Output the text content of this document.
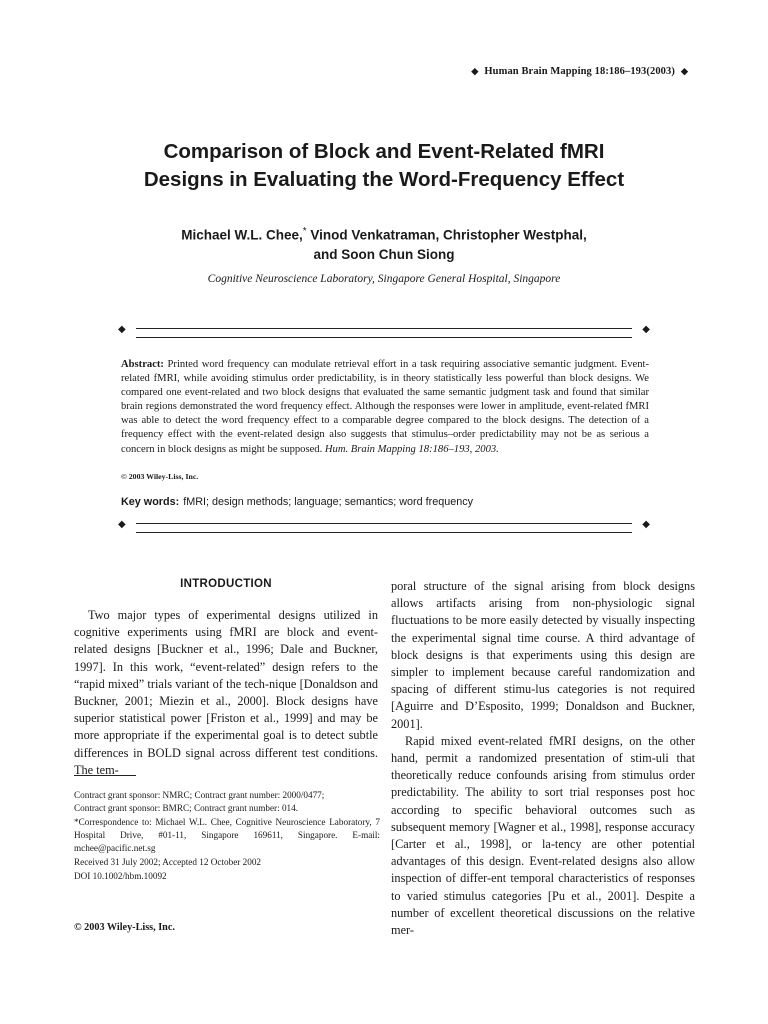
◆ Human Brain Mapping 18:186–193(2003) ◆
Comparison of Block and Event-Related fMRI
Designs in Evaluating the Word-Frequency Effect
Michael W.L. Chee,* Vinod Venkatraman, Christopher Westphal,
and Soon Chun Siong
Cognitive Neuroscience Laboratory, Singapore General Hospital, Singapore
◆	◆

Abstract: Printed word frequency can modulate retrieval effort in a task requiring associative semantic judgment. Event-related fMRI, while avoiding stimulus order predictability, is in theory statistically less powerful than block designs. We compared one event-related and two block designs that evaluated the same semantic judgment task and found that similar brain regions demonstrated the word frequency effect. Although the responses were lower in amplitude, event-related fMRI was able to detect the word frequency effect to a comparable degree compared to the block designs. The detection of a frequency effect with the event-related design also suggests that stimulus–order predictability may not be as serious a concern in block designs as might be supposed. Hum. Brain Mapping 18:186–193, 2003.

© 2003 Wiley-Liss, Inc.
Key words: fMRI; design methods; language; semantics; word frequency
◆	◆
INTRODUCTION

Two major types of experimental designs utilized in cognitive experiments using fMRI are block and event-related designs [Buckner et al., 1996; Dale and Buckner, 1997]. In this work, “event-related” design refers to the “rapid mixed” trials variant of the tech-nique [Donaldson and Buckner, 2001; Miezin et al., 2000]. Block designs have superior statistical power [Friston et al., 1999] and may be more appropriate if the experimental goal is to detect subtle differences in BOLD signal across different test conditions. The tem-

Contract grant sponsor: NMRC; Contract grant number: 2000/0477;

Contract grant sponsor: BMRC; Contract grant number: 014.

*Correspondence to: Michael W.L. Chee, Cognitive Neuroscience Laboratory, 7 Hospital Drive, #01-11, Singapore 169611, Singapore. E-mail: mchee@pacific.net.sg

Received 31 July 2002; Accepted 12 October 2002

DOI 10.1002/hbm.10092

© 2003 Wiley-Liss, Inc.

poral structure of the signal arising from block designs allows artifacts arising from non-physiologic signal fluctuations to be more easily detected by visually inspecting the experimental signal time course. A third advantage of block designs is that experiments using this design are simpler to implement because careful randomization and spacing of different stimu-lus categories is not required [Aguirre and D’Esposito, 1999; Donaldson and Buckner, 2001].

Rapid mixed event-related fMRI designs, on the other hand, permit a randomized presentation of stim-uli that theoretically reduce confounds arising from stimulus order predictability. The ability to sort trial responses post hoc according to specific behavioral outcomes such as subsequent memory [Wagner et al., 1998], response accuracy [Carter et al., 1998], or la-tency are other potential advantages of this design. Event-related designs also allow inspection of differ-ent temporal characteristics of responses to varied stimulus categories [Pu et al., 2001]. Despite a number of excellent theoretical discussions on the relative mer-
